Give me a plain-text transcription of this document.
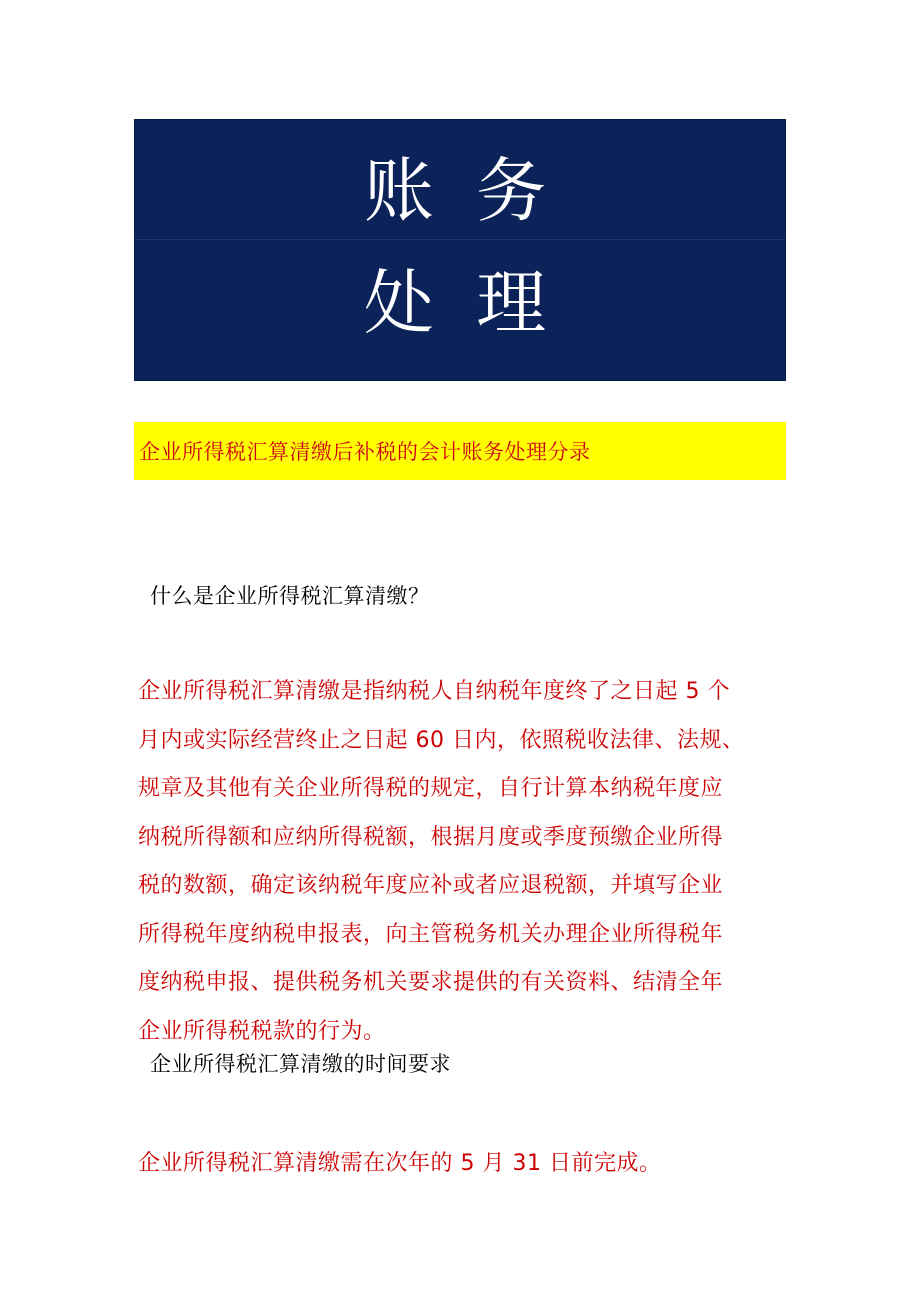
账 务
处 理
企业所得税汇算清缴后补税的会计账务处理分录
什么是企业所得税汇算清缴？
企业所得税汇算清缴是指纳税人自纳税年度终了之日起 5 个
月内或实际经营终止之日起 60 日内，依照税收法律、法规、
规章及其他有关企业所得税的规定，自行计算本纳税年度应
纳税所得额和应纳所得税额，根据月度或季度预缴企业所得
税的数额，确定该纳税年度应补或者应退税额，并填写企业
所得税年度纳税申报表，向主管税务机关办理企业所得税年
度纳税申报、提供税务机关要求提供的有关资料、结清全年
企业所得税税款的行为。
企业所得税汇算清缴的时间要求
企业所得税汇算清缴需在次年的 5 月 31 日前完成。
